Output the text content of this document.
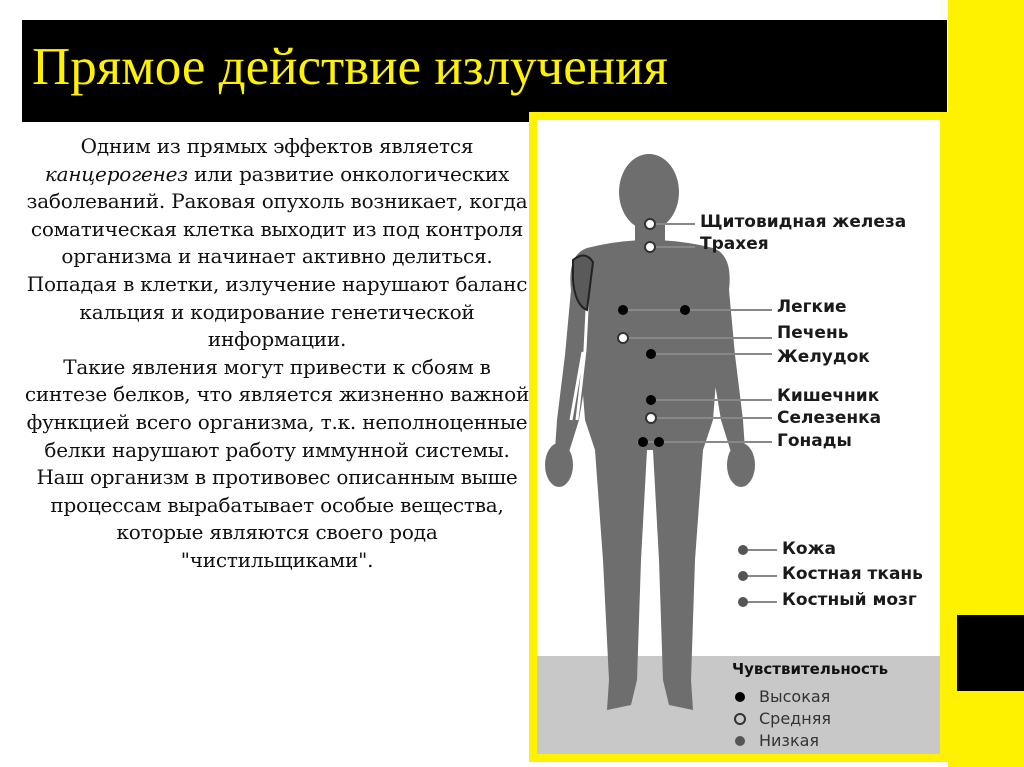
Прямое действие излучения

Одним из прямых эффектов является канцерогенез или развитие онкологических заболеваний. Раковая опухоль возникает, когда соматическая клетка выходит из под контроля организма и начинает активно делиться. Попадая в клетки, излучение нарушают баланс кальция и кодирование генетической информации.

Такие явления могут привести к сбоям в синтезе белков, что является жизненно важной функцией всего организма, т.к. неполноценные белки нарушают работу иммунной системы.

Наш организм в противовес описанным выше процессам вырабатывает особые вещества, которые являются своего рода "чистильщиками".

Щитовидная железа
Трахея
Легкие
Печень
Желудок
Кишечник
Селезенка
Гонады
Кожа
Костная ткань
Костный мозг
Чувствительность
Высокая
Средняя
Низкая
